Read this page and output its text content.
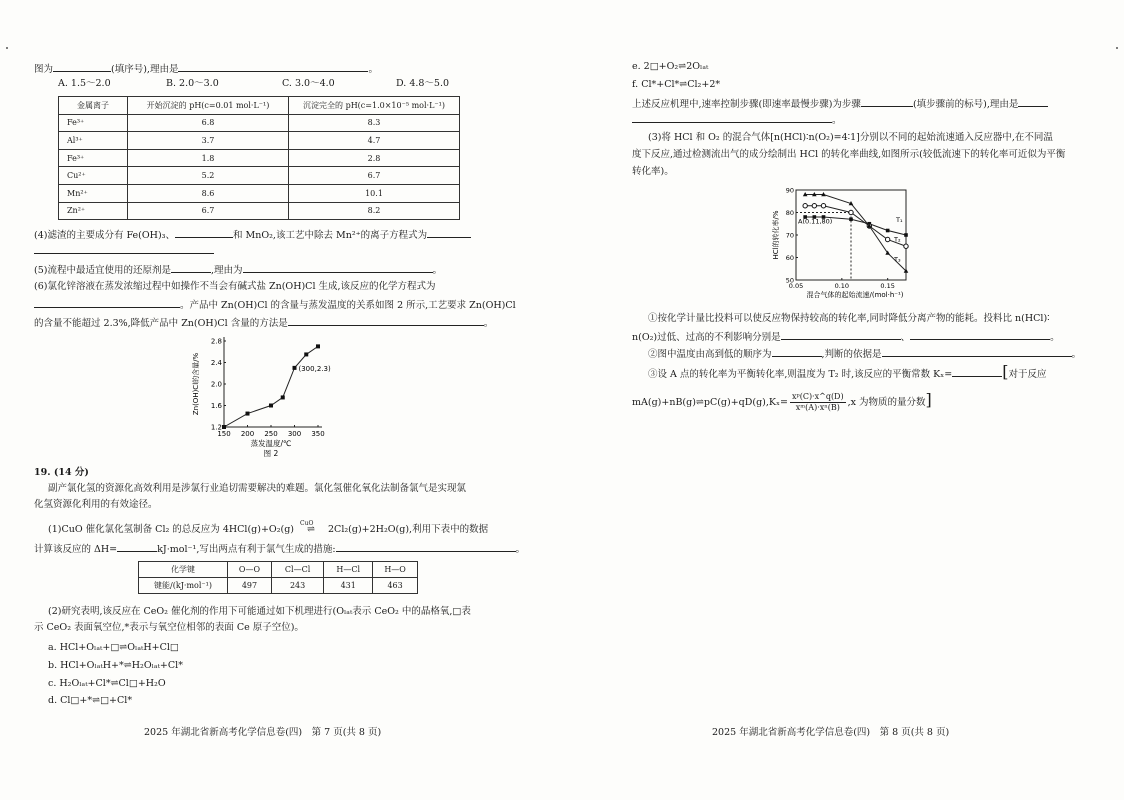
图为	(填序号),理由是	。
A. 1.5～2.0	B. 2.0～3.0	C. 3.0～4.0	D. 4.8～5.0
金属离子	开始沉淀的 pH(c=0.01 mol·L⁻¹)	沉淀完全的 pH(c=1.0×10⁻⁵ mol·L⁻¹)
Fe³⁺	6.8	8.3
Al³⁺	3.7	4.7
Fe³⁺	1.8	2.8
Cu²⁺	5.2	6.7
Mn²⁺	8.6	10.1
Zn²⁺	6.7	8.2
(4)滤渣的主要成分有 Fe(OH)₃、	和 MnO₂,该工艺中除去 Mn²⁺的离子方程式为
(5)流程中最适宜使用的还原剂是	,理由为	。
(6)氯化锌溶液在蒸发浓缩过程中如操作不当会有碱式盐 Zn(OH)Cl 生成,该反应的化学方程式为
。产品中 Zn(OH)Cl 的含量与蒸发温度的关系如图 2 所示,工艺要求 Zn(OH)Cl
的含量不能超过 2.3%,降低产品中 Zn(OH)Cl 含量的方法是	。
150 200 250 300 350
1.2
1.6
2.0
2.4
2.8
(300,2.3)
蒸发温度/℃
图 2
Zn(OH)Cl的含量/%
19. (14 分)
副产氯化氢的资源化高效利用是涉氯行业追切需要解决的难题。氯化氢催化氧化法制备氯气是实现氯
化氢资源化利用的有效途径。
(1)CuO 催化氯化氢制备 Cl₂ 的总反应为 4HCl(g)+O₂(g)
CuO
⇌ 2Cl₂(g)+2H₂O(g),利用下表中的数据
计算该反应的 ΔH=	kJ·mol⁻¹,写出两点有利于氯气生成的措施:	。
化学键	O—O	Cl—Cl	H—Cl	H—O
键能/(kJ·mol⁻¹)	497	243	431	463
(2)研究表明,该反应在 CeO₂ 催化剂的作用下可能通过如下机理进行(Oₗₐₜ表示 CeO₂ 中的晶格氧,□表
示 CeO₂ 表面氧空位,*表示与氧空位相邻的表面 Ce 原子空位)。
a. HCl+Oₗₐₜ+□⇌OₗₐₜH+Cl□
b. HCl+OₗₐₜH+*⇌H₂Oₗₐₜ+Cl*
c. H₂Oₗₐₜ+Cl*⇌Cl□+H₂O
d. Cl□+*⇌□+Cl*
2025 年湖北省新高考化学信息卷(四)　第 7 页(共 8 页)
e. 2□+O₂⇌2Oₗₐₜ
f. Cl*+Cl*⇌Cl₂+2*
上述反应机理中,速率控制步骤(即速率最慢步骤)为步骤	(填步骤前的标号),理由是
。
(3)将 HCl 和 O₂ 的混合气体[n(HCl)∶n(O₂)=4∶1]分别以不同的起始流速通入反应器中,在不同温
度下反应,通过检测流出气的成分绘制出 HCl 的转化率曲线,如图所示(较低流速下的转化率可近似为平衡
转化率)。
0.05	0.10	0.15
50
60
70
80
90
T₁
T₂
T₃
A(0.11,80)
混合气体的起始流速/(mol·h⁻¹)
HCl的转化率/%
①按化学计量比投料可以使反应物保持较高的转化率,同时降低分离产物的能耗。投料比 n(HCl)∶
n(O₂)过低、过高的不利影响分别是	、	。
②图中温度由高到低的顺序为	,判断的依据是	。
③设 A 点的转化率为平衡转化率,则温度为 T₂ 时,该反应的平衡常数 Kₓ=	[对于反应
mA(g)+nB(g)⇌pC(g)+qD(g),Kₓ= $\frac{\text{xᵖ(C)·x\textasciicircum{}q(D)}}{\text{xᵐ(A)·xⁿ(B)}} ,x$ 为物质的量分数]
2025 年湖北省新高考化学信息卷(四)　第 8 页(共 8 页)
